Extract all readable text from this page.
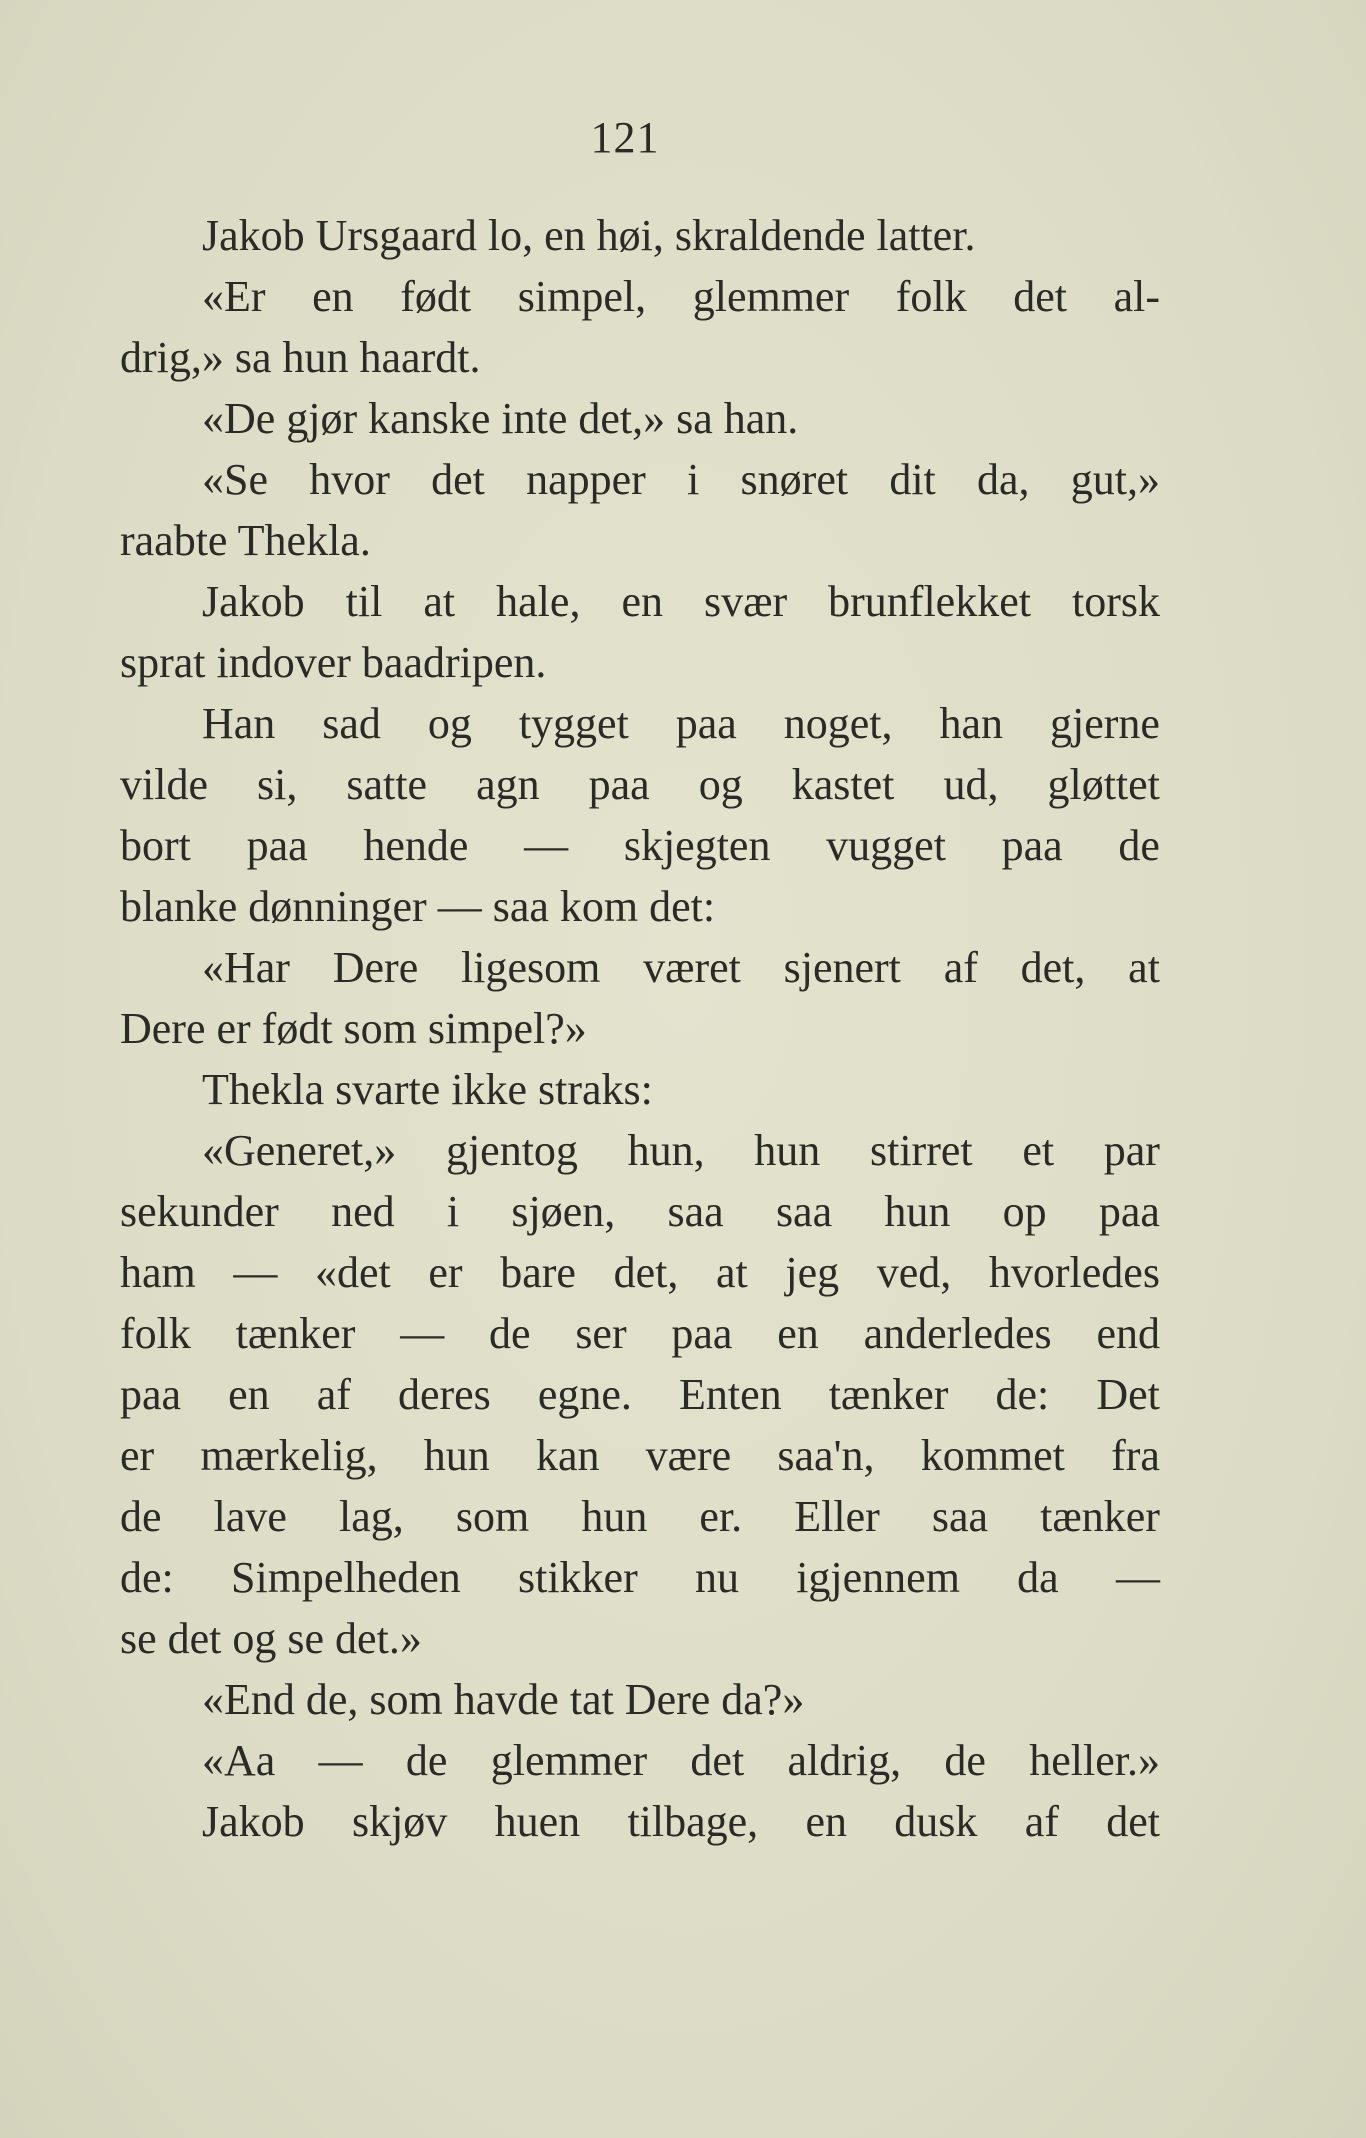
121
Jakob Ursgaard lo, en høi, skraldende latter.
«Er en født simpel, glemmer folk det al-
drig,» sa hun haardt.
«De gjør kanske inte det,» sa han.
«Se hvor det napper i snøret dit da, gut,»
raabte Thekla.
Jakob til at hale, en svær brunflekket torsk
sprat indover baadripen.
Han sad og tygget paa noget, han gjerne
vilde si, satte agn paa og kastet ud, gløttet
bort paa hende — skjegten vugget paa de
blanke dønninger — saa kom det:
«Har Dere ligesom været sjenert af det, at
Dere er født som simpel?»
Thekla svarte ikke straks:
«Generet,» gjentog hun, hun stirret et par
sekunder ned i sjøen, saa saa hun op paa
ham — «det er bare det, at jeg ved, hvorledes
folk tænker — de ser paa en anderledes end
paa en af deres egne. Enten tænker de: Det
er mærkelig, hun kan være saa'n, kommet fra
de lave lag, som hun er. Eller saa tænker
de: Simpelheden stikker nu igjennem da —
se det og se det.»
«End de, som havde tat Dere da?»
«Aa — de glemmer det aldrig, de heller.»
Jakob skjøv huen tilbage, en dusk af det
